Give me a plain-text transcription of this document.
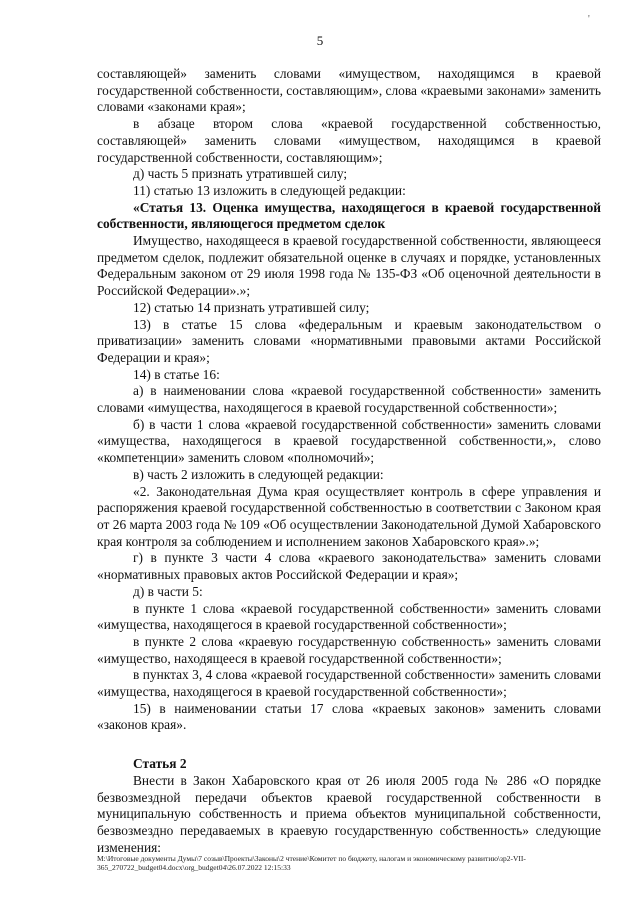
'
5

составляющей» заменить словами «имуществом, находящимся в краевой государственной собственности, составляющим», слова «краевыми законами» заменить словами «законами края»;

в абзаце втором слова «краевой государственной собственностью, составляющей» заменить словами «имуществом, находящимся в краевой государственной собственности, составляющим»;

д) часть 5 признать утратившей силу;

11) статью 13 изложить в следующей редакции:

«Статья 13. Оценка имущества, находящегося в краевой государственной собственности, являющегося предметом сделок

Имущество, находящееся в краевой государственной собственности, являющееся предметом сделок, подлежит обязательной оценке в случаях и порядке, установленных Федеральным законом от 29 июля 1998 года № 135-ФЗ «Об оценочной деятельности в Российской Федерации».»;

12) статью 14 признать утратившей силу;

13) в статье 15 слова «федеральным и краевым законодательством о приватизации» заменить словами «нормативными правовыми актами Российской Федерации и края»;

14) в статье 16:

а) в наименовании слова «краевой государственной собственности» заменить словами «имущества, находящегося в краевой государственной собственности»;

б) в части 1 слова «краевой государственной собственности» заменить словами «имущества, находящегося в краевой государственной собственности,», слово «компетенции» заменить словом «полномочий»;

в) часть 2 изложить в следующей редакции:

«2. Законодательная Дума края осуществляет контроль в сфере управления и распоряжения краевой государственной собственностью в соответствии с Законом края от 26 марта 2003 года № 109 «Об осуществлении Законодательной Думой Хабаровского края контроля за соблюдением и исполнением законов Хабаровского края».»;

г) в пункте 3 части 4 слова «краевого законодательства» заменить словами «нормативных правовых актов Российской Федерации и края»;

д) в части 5:

в пункте 1 слова «краевой государственной собственности» заменить словами «имущества, находящегося в краевой государственной собственности»;

в пункте 2 слова «краевую государственную собственность» заменить словами «имущество, находящееся в краевой государственной собственности»;

в пунктах 3, 4 слова «краевой государственной собственности» заменить словами «имущества, находящегося в краевой государственной собственности»;

15) в наименовании статьи 17 слова «краевых законов» заменить словами «законов края».

Статья 2

Внести в Закон Хабаровского края от 26 июля 2005 года № 286 «О порядке безвозмездной передачи объектов краевой государственной собственности в муниципальную собственность и приема объектов муниципальной собственности, безвозмездно передаваемых в краевую государственную собственность» следующие изменения:

М:\Итоговые документы Думы\7 созыв\Проекты\Законы\2 чтение\Комитет по бюджету, налогам и экономическому развитию\зр2-VII-365_270722_budget04.docx\org_budget04\26.07.2022 12:15:33
